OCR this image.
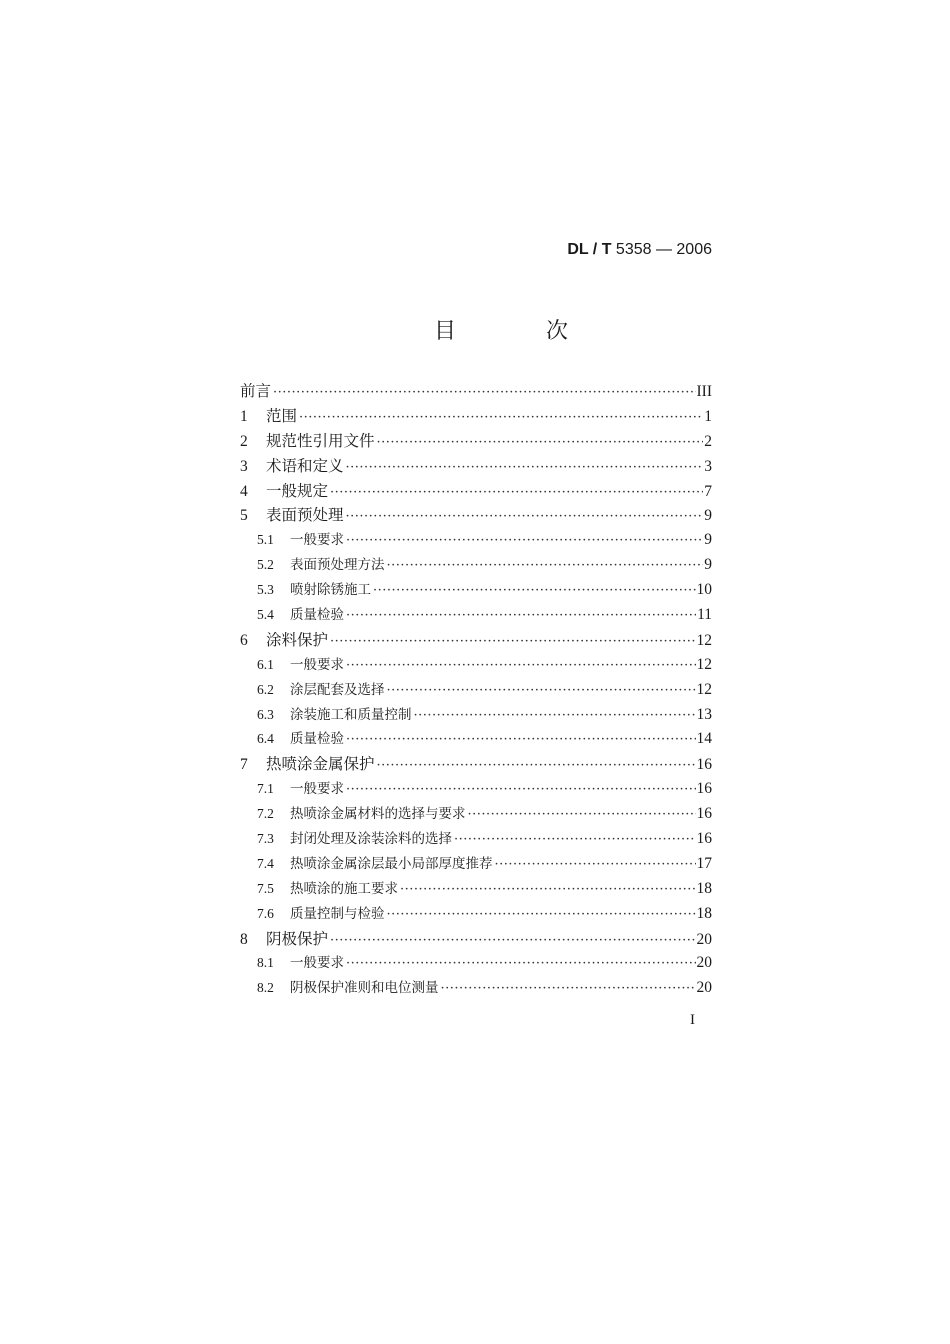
DL / T 5358 — 2006
目　次
前言 ·····	III
1	范围 ·····	1
2	规范性引用文件 ·····	2
3	术语和定义 ·····	3
4	一般规定 ·····	7
5	表面预处理 ·····	9
5.1	一般要求 ·····	9
5.2	表面预处理方法 ·····	9
5.3	喷射除锈施工 ·····	10
5.4	质量检验 ·····	11
6	涂料保护 ·····	12
6.1	一般要求 ·····	12
6.2	涂层配套及选择 ·····	12
6.3	涂装施工和质量控制 ·····	13
6.4	质量检验 ·····	14
7	热喷涂金属保护 ·····	16
7.1	一般要求 ·····	16
7.2	热喷涂金属材料的选择与要求 ·····	16
7.3	封闭处理及涂装涂料的选择 ·····	16
7.4	热喷涂金属涂层最小局部厚度推荐 ·····	17
7.5	热喷涂的施工要求 ·····	18
7.6	质量控制与检验 ·····	18
8	阴极保护 ·····	20
8.1	一般要求 ·····	20
8.2	阴极保护准则和电位测量 ·····	20
I
